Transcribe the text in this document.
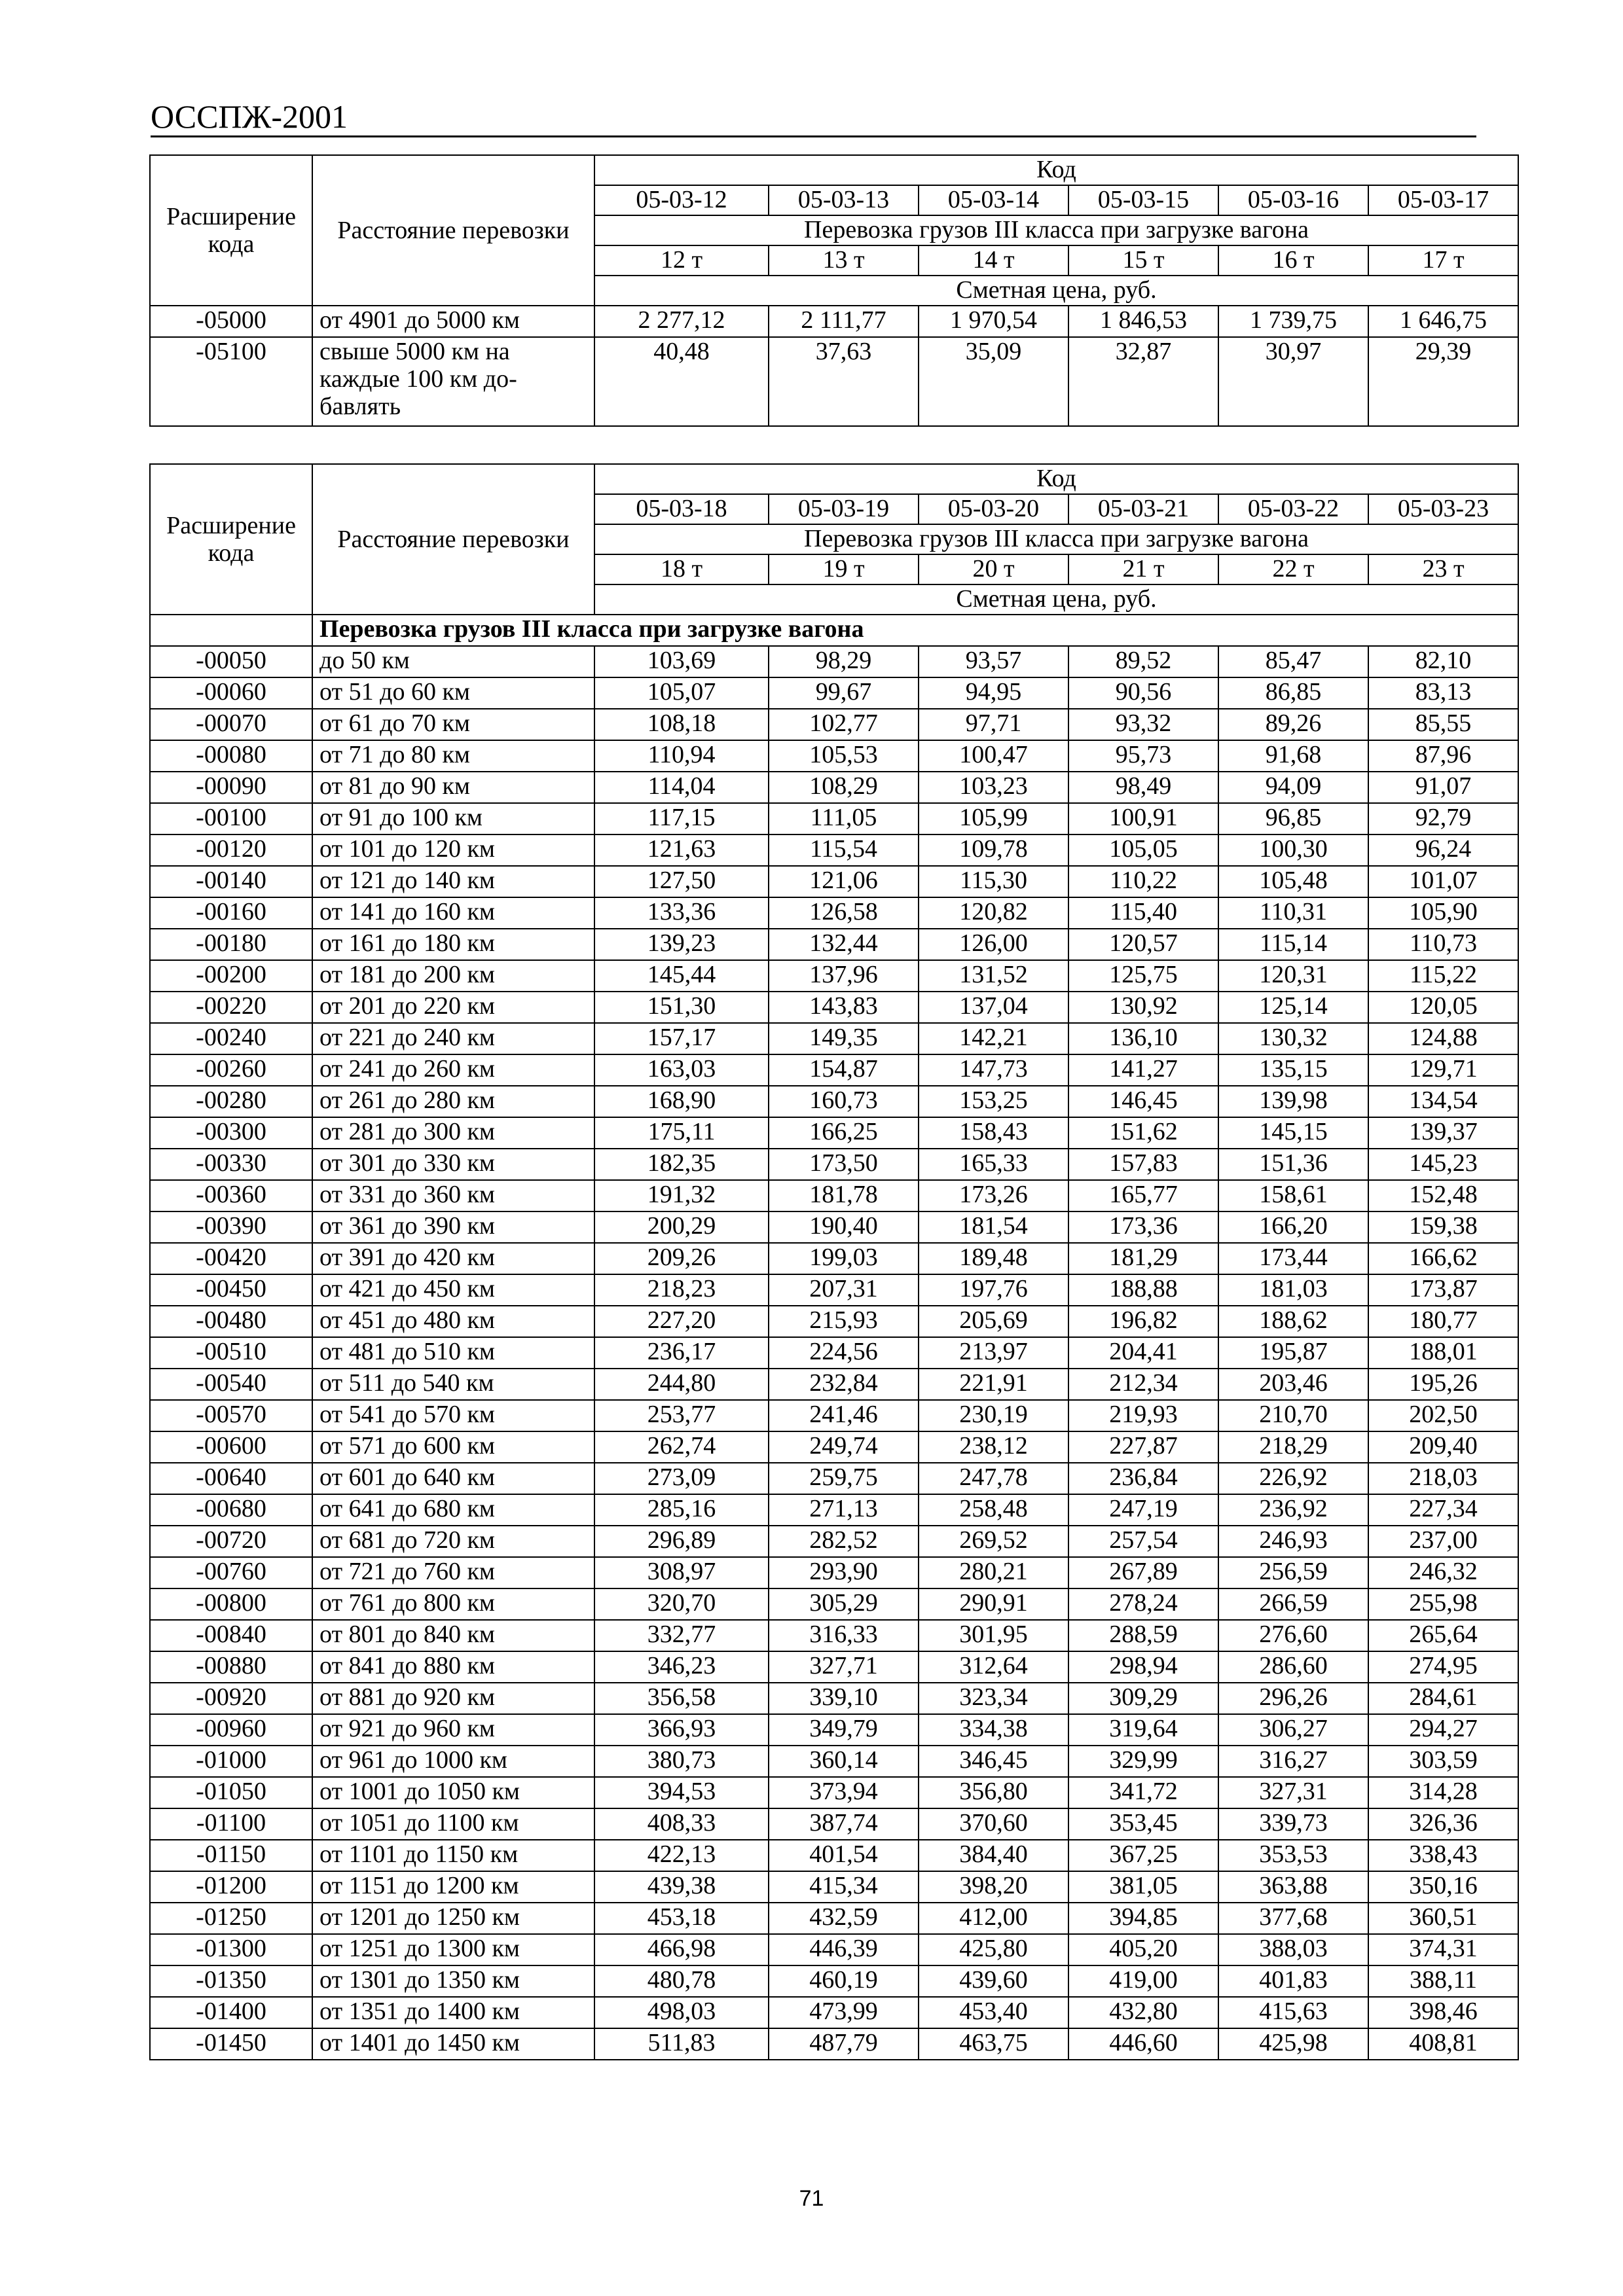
ОССПЖ-2001
Расширение кода	Расстояние перевозки	Код					
		05-03-12	05-03-13	05-03-14	05-03-15	05-03-16	05-03-17
		Перевозка грузов III класса при загрузке вагона					
		12 т	13 т	14 т	15 т	16 т	17 т
		Сметная цена, руб.					
-05000	от 4901 до 5000 км	2 277,12	2 111,77	1 970,54	1 846,53	1 739,75	1 646,75
-05100	свыше 5000 км на каждые 100 км до-бавлять	40,48	37,63	35,09	32,87	30,97	29,39
Расширение кода	Расстояние перевозки	Код					
		05-03-18	05-03-19	05-03-20	05-03-21	05-03-22	05-03-23
		Перевозка грузов III класса при загрузке вагона					
		18 т	19 т	20 т	21 т	22 т	23 т
		Сметная цена, руб.					
	Перевозка грузов III класса при загрузке вагона						
-00050	до 50 км	103,69	98,29	93,57	89,52	85,47	82,10
-00060	от 51 до 60 км	105,07	99,67	94,95	90,56	86,85	83,13
-00070	от 61 до 70 км	108,18	102,77	97,71	93,32	89,26	85,55
-00080	от 71 до 80 км	110,94	105,53	100,47	95,73	91,68	87,96
-00090	от 81 до 90 км	114,04	108,29	103,23	98,49	94,09	91,07
-00100	от 91 до 100 км	117,15	111,05	105,99	100,91	96,85	92,79
-00120	от 101 до 120 км	121,63	115,54	109,78	105,05	100,30	96,24
-00140	от 121 до 140 км	127,50	121,06	115,30	110,22	105,48	101,07
-00160	от 141 до 160 км	133,36	126,58	120,82	115,40	110,31	105,90
-00180	от 161 до 180 км	139,23	132,44	126,00	120,57	115,14	110,73
-00200	от 181 до 200 км	145,44	137,96	131,52	125,75	120,31	115,22
-00220	от 201 до 220 км	151,30	143,83	137,04	130,92	125,14	120,05
-00240	от 221 до 240 км	157,17	149,35	142,21	136,10	130,32	124,88
-00260	от 241 до 260 км	163,03	154,87	147,73	141,27	135,15	129,71
-00280	от 261 до 280 км	168,90	160,73	153,25	146,45	139,98	134,54
-00300	от 281 до 300 км	175,11	166,25	158,43	151,62	145,15	139,37
-00330	от 301 до 330 км	182,35	173,50	165,33	157,83	151,36	145,23
-00360	от 331 до 360 км	191,32	181,78	173,26	165,77	158,61	152,48
-00390	от 361 до 390 км	200,29	190,40	181,54	173,36	166,20	159,38
-00420	от 391 до 420 км	209,26	199,03	189,48	181,29	173,44	166,62
-00450	от 421 до 450 км	218,23	207,31	197,76	188,88	181,03	173,87
-00480	от 451 до 480 км	227,20	215,93	205,69	196,82	188,62	180,77
-00510	от 481 до 510 км	236,17	224,56	213,97	204,41	195,87	188,01
-00540	от 511 до 540 км	244,80	232,84	221,91	212,34	203,46	195,26
-00570	от 541 до 570 км	253,77	241,46	230,19	219,93	210,70	202,50
-00600	от 571 до 600 км	262,74	249,74	238,12	227,87	218,29	209,40
-00640	от 601 до 640 км	273,09	259,75	247,78	236,84	226,92	218,03
-00680	от 641 до 680 км	285,16	271,13	258,48	247,19	236,92	227,34
-00720	от 681 до 720 км	296,89	282,52	269,52	257,54	246,93	237,00
-00760	от 721 до 760 км	308,97	293,90	280,21	267,89	256,59	246,32
-00800	от 761 до 800 км	320,70	305,29	290,91	278,24	266,59	255,98
-00840	от 801 до 840 км	332,77	316,33	301,95	288,59	276,60	265,64
-00880	от 841 до 880 км	346,23	327,71	312,64	298,94	286,60	274,95
-00920	от 881 до 920 км	356,58	339,10	323,34	309,29	296,26	284,61
-00960	от 921 до 960 км	366,93	349,79	334,38	319,64	306,27	294,27
-01000	от 961 до 1000 км	380,73	360,14	346,45	329,99	316,27	303,59
-01050	от 1001 до 1050 км	394,53	373,94	356,80	341,72	327,31	314,28
-01100	от 1051 до 1100 км	408,33	387,74	370,60	353,45	339,73	326,36
-01150	от 1101 до 1150 км	422,13	401,54	384,40	367,25	353,53	338,43
-01200	от 1151 до 1200 км	439,38	415,34	398,20	381,05	363,88	350,16
-01250	от 1201 до 1250 км	453,18	432,59	412,00	394,85	377,68	360,51
-01300	от 1251 до 1300 км	466,98	446,39	425,80	405,20	388,03	374,31
-01350	от 1301 до 1350 км	480,78	460,19	439,60	419,00	401,83	388,11
-01400	от 1351 до 1400 км	498,03	473,99	453,40	432,80	415,63	398,46
-01450	от 1401 до 1450 км	511,83	487,79	463,75	446,60	425,98	408,81
71
